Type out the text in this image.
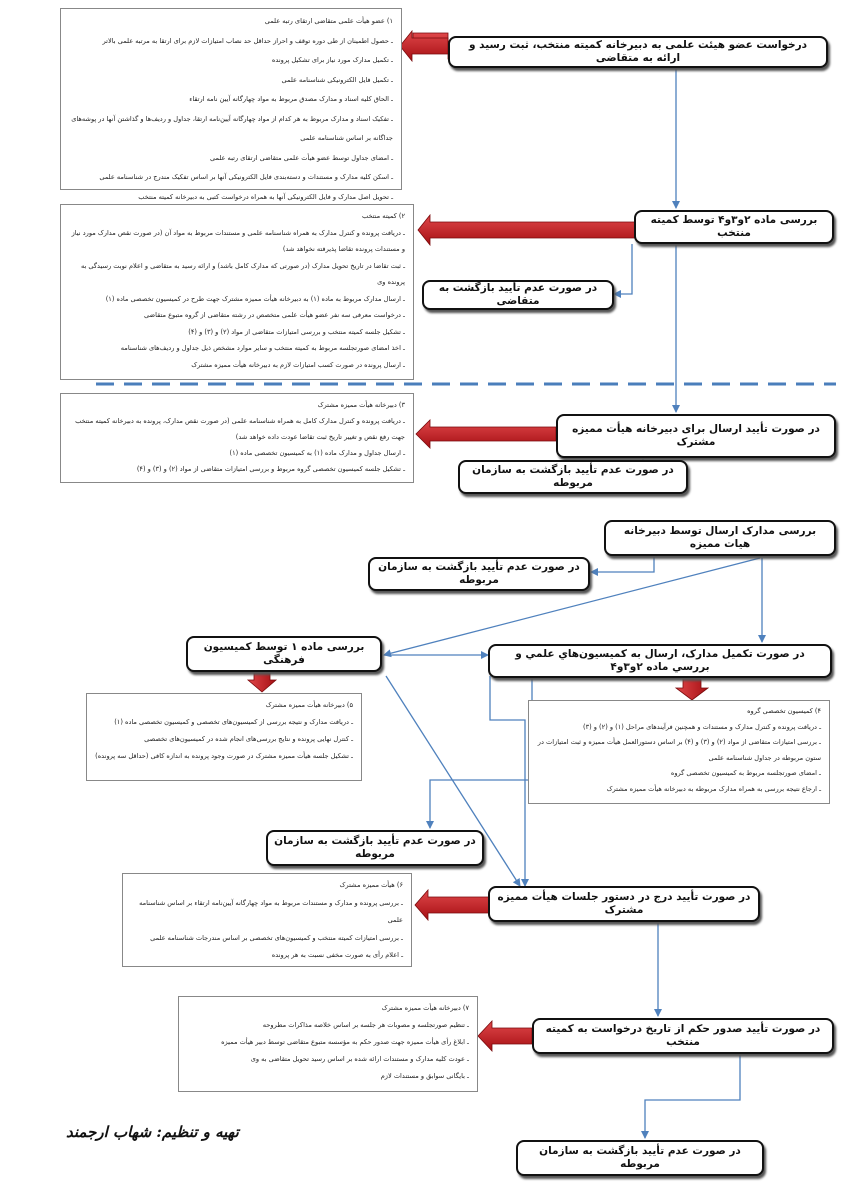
درخواست عضو هیئت علمی به دبیرخانه کمیته منتخب، ثبت رسید و ارائه به متقاضی
بررسی ماده ۲و۳و۴ توسط کمیته منتخب
در صورت عدم تأیید بازگشت به متقاضی
در صورت تأیید ارسال برای دبیرخانه هیأت ممیزه مشترک
در صورت عدم تأیید بازگشت به سازمان مربوطه
بررسی مدارک ارسال توسط دبیرخانه هیات ممیزه
در صورت عدم تأیید بازگشت به سازمان مربوطه
بررسی ماده ۱ توسط کمیسیون فرهنگی	در صورت تکمیل مدارک، ارسال به کمیسیون‌هاي علمي و بررسي ماده ۲و۳و۴
در صورت عدم تأیید بازگشت به سازمان مربوطه
در صورت تأیید درج در دستور جلسات هیأت ممیزه مشترک
در صورت تأیید صدور حکم از تاریخ درخواست به کمیته منتخب
در صورت عدم تأیید بازگشت به سازمان مربوطه
۱) عضو هیأت علمی متقاضی ارتقای رتبه علمی
ـ حصول اطمینان از طی دوره توقف و احراز حداقل حد نصاب امتیازات لازم برای ارتقا به مرتبه علمی بالاتر
ـ تکمیل مدارک مورد نیاز برای تشکیل پرونده
ـ تکمیل فایل الکترونیکی شناسنامه علمی
ـ الحاق کلیه اسناد و مدارک مصدق مربوط به مواد چهارگانه آیین نامه ارتقاء
ـ تفکیک اسناد و مدارک مربوط به هر کدام از مواد چهارگانه آیین‌نامه ارتقا، جداول و ردیف‌ها و گذاشتن آنها در پوشه‌های جداگانه بر اساس شناسنامه علمی
ـ امضای جداول توسط عضو هیأت علمی متقاضی ارتقای رتبه علمی
ـ اسکن کلیه مدارک و مستندات و دسته‌بندی فایل الکترونیکی آنها بر اساس تفکیک مندرج در شناسنامه علمی
ـ تحویل اصل مدارک و فایل الکترونیکی آنها به همراه درخواست کتبی به دبیرخانه کمیته منتخب
۲) کمیته منتخب
ـ دریافت پرونده و کنترل مدارک به همراه شناسنامه علمی و مستندات مربوط به مواد آن (در صورت نقص مدارک مورد نیاز و مستندات پرونده تقاضا پذیرفته نخواهد شد)
ـ ثبت تقاضا در تاریخ تحویل مدارک (در صورتی که مدارک کامل باشد) و ارائه رسید به متقاضی و اعلام نوبت رسیدگی به پرونده وی
ـ ارسال مدارک مربوط به ماده (۱) به دبیرخانه هیأت ممیزه مشترک جهت طرح در کمیسیون تخصصی ماده (۱)
ـ درخواست معرفی سه نفر عضو هیأت علمی متخصص در رشته متقاضی از گروه متبوع متقاضی
ـ تشکیل جلسه کمیته منتخب و بررسی امتیازات متقاضی از مواد (۲) و (۳) و (۴)
ـ اخذ امضای صورتجلسه مربوط به کمیته منتخب و سایر موارد مشخص ذیل جداول و ردیف‌های شناسنامه
ـ ارسال پرونده در صورت کسب امتیازات لازم به دبیرخانه هیأت ممیزه مشترک
۳) دبیرخانه هیأت ممیزه مشترک
ـ دریافت پرونده و کنترل مدارک کامل به همراه شناسنامه علمی (در صورت نقص مدارک، پرونده به دبیرخانه کمیته منتخب جهت رفع نقص و تغییر تاریخ ثبت تقاضا عودت داده خواهد شد)
ـ ارسال جداول و مدارک ماده (۱) به کمیسیون تخصصی ماده (۱)
ـ تشکیل جلسه کمیسیون تخصصی گروه مربوط و بررسی امتیازات متقاضی از مواد (۲) و (۳) و (۴)
۵) دبیرخانه هیأت ممیزه مشترک
ـ دریافت مدارک و نتیجه بررسی از کمیسیون‌های تخصصی و کمیسیون تخصصی ماده (۱)
ـ کنترل نهایی پرونده و نتایج بررسی‌های انجام شده در کمیسیون‌های تخصصی
ـ تشکیل جلسه هیأت ممیزه مشترک در صورت وجود پرونده به اندازه کافی (حداقل سه پرونده)
۴) کمیسیون تخصصی گروه
ـ دریافت پرونده و کنترل مدارک و مستندات و همچنین فرآیندهای مراحل (۱) و (۲) و (۳)
ـ بررسی امتیازات متقاضی از مواد (۲) و (۳) و (۴) بر اساس دستورالعمل هیأت ممیزه و ثبت امتیازات در ستون مربوطه در جداول شناسنامه علمی
ـ امضای صورتجلسه مربوط به کمیسیون تخصصی گروه
ـ ارجاع نتیجه بررسی به همراه مدارک مربوطه به دبیرخانه هیأت ممیزه مشترک
۶) هیأت ممیزه مشترک
ـ بررسی پرونده و مدارک و مستندات مربوط به مواد چهارگانه آیین‌نامه ارتقاء بر اساس شناسنامه علمی
ـ بررسی امتیازات کمیته منتخب و کمیسیون‌های تخصصی بر اساس مندرجات شناسنامه علمی
ـ اعلام رأی به صورت مخفی نسبت به هر پرونده
۷) دبیرخانه هیأت ممیزه مشترک
ـ تنظیم صورتجلسه و مصوبات هر جلسه بر اساس خلاصه مذاکرات مطروحه
ـ ابلاغ رأی هیأت ممیزه جهت صدور حکم به مؤسسه متبوع متقاضی توسط دبیر هیأت ممیزه
ـ عودت کلیه مدارک و مستندات ارائه شده بر اساس رسید تحویل متقاضی به وی
ـ بایگانی سوابق و مستندات لازم
تهیه و تنظیم: شهاب ارجمند
